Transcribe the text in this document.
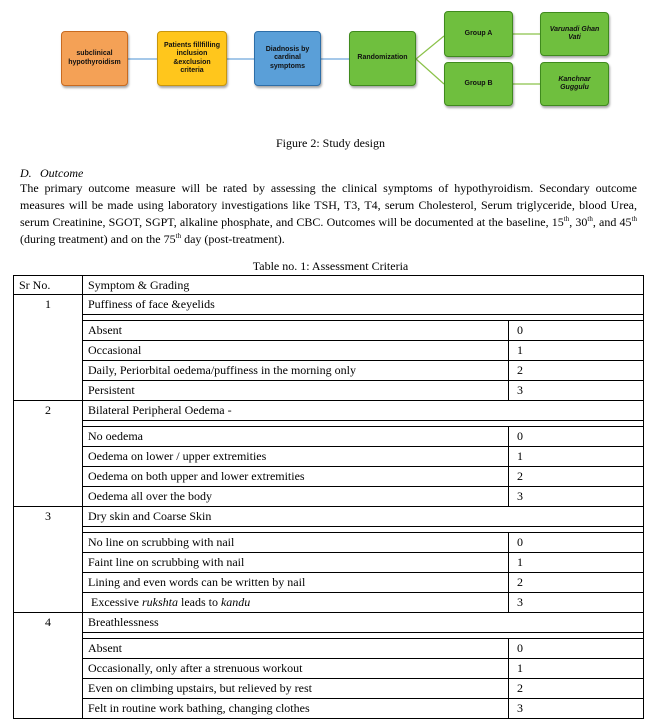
subclinical hypothyroidism
Patients fillfilling
inclusion
&exclusion criteria
Diadnosis by
cardinal
symptoms
Randomization
Group A
Group B
Varunadi Ghan
Vati
Kanchnar Guggulu
Figure 2: Study design
D. Outcome

The primary outcome measure will be rated by assessing the clinical symptoms of hypothyroidism. Secondary outcome measures will be made using laboratory investigations like TSH, T3, T4, serum Cholesterol, Serum triglyceride, blood Urea, serum Creatinine, SGOT, SGPT, alkaline phosphate, and CBC. Outcomes will be documented at the baseline, 15th, 30th, and 45th (during treatment) and on the 75th day (post-treatment).

Table no. 1: Assessment Criteria
Sr No.	Symptom & Grading	
1	Puffiness of face &eyelids	

	Absent	0
	Occasional	1
	Daily, Periorbital oedema/puffiness in the morning only	2
	Persistent	3
2	Bilateral Peripheral Oedema -	

	No oedema	0
	Oedema on lower / upper extremities	1
	Oedema on both upper and lower extremities	2
	Oedema all over the body	3
3	Dry skin and Coarse Skin	

	No line on scrubbing with nail	0
	Faint line on scrubbing with nail	1
	Lining and even words can be written by nail	2
	Excessive rukshta leads to kandu	3
4	Breathlessness	

	Absent	0
	Occasionally, only after a strenuous workout	1
	Even on climbing upstairs, but relieved by rest	2
	Felt in routine work bathing, changing clothes	3
